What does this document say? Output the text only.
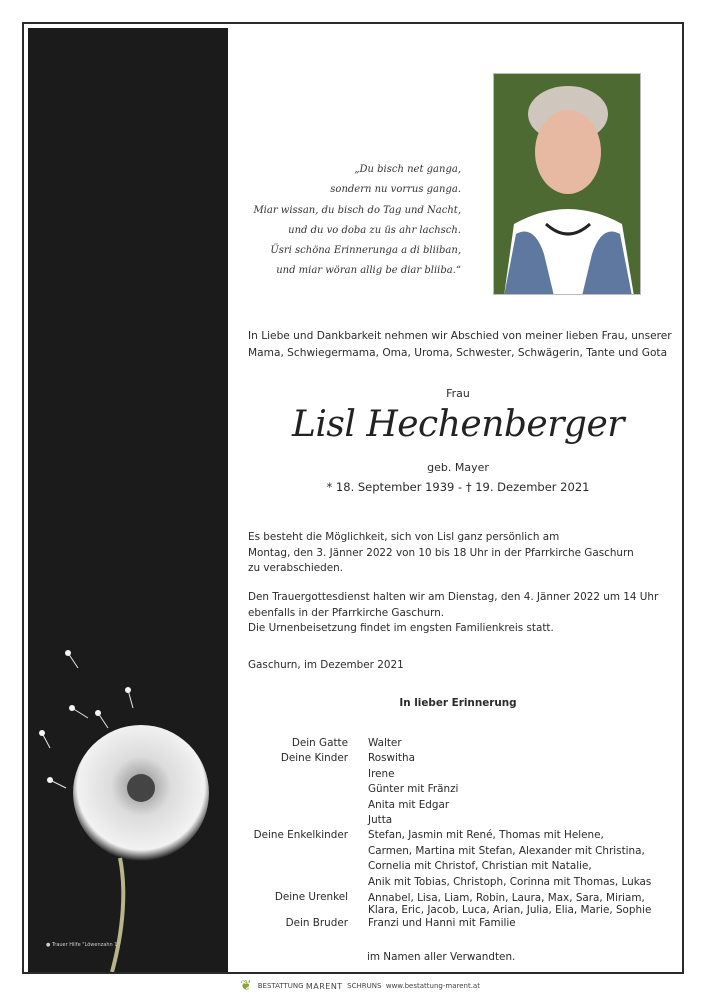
● Trauer Hilfe "Löwenzahn 1"
„Du bisch net ganga,
sondern nu vorrus ganga.
Miar wissan, du bisch do Tag und Nacht,
und du vo doba zu üs ahr lachsch.
Üsri schöna Erinnerunga a di bliiban,
und miar wöran allig be diar bliiba.“
In Liebe und Dankbarkeit nehmen wir Abschied von meiner lieben Frau, unserer
Mama, Schwiegermama, Oma, Uroma, Schwester, Schwägerin, Tante und Gota
Frau
Lisl Hechenberger
geb. Mayer
* 18. September 1939 - † 19. Dezember 2021
Es besteht die Möglichkeit, sich von Lisl ganz persönlich am
Montag, den 3. Jänner 2022 von 10 bis 18 Uhr in der Pfarrkirche Gaschurn
zu verabschieden.
Den Trauergottesdienst halten wir am Dienstag, den 4. Jänner 2022 um 14 Uhr
ebenfalls in der Pfarrkirche Gaschurn.
Die Urnenbeisetzung findet im engsten Familienkreis statt.
Gaschurn, im Dezember 2021
In lieber Erinnerung
Dein Gatte	Walter
Deine Kinder	Roswitha
Irene
Günter mit Fränzi
Anita mit Edgar
Jutta
Deine Enkelkinder	Stefan, Jasmin mit René, Thomas mit Helene,
Carmen, Martina mit Stefan, Alexander mit Christina,
Cornelia mit Christof, Christian mit Natalie,
Anik mit Tobias, Christoph, Corinna mit Thomas, Lukas
Deine Urenkel	Annabel, Lisa, Liam, Robin, Laura, Max, Sara, Miriam,
Klara, Eric, Jacob, Luca, Arian, Julia, Elia, Marie, Sophie
Dein Bruder	Franzi und Hanni mit Familie
im Namen aller Verwandten.
❦ BESTATTUNG
MARENT
SCHRUNS
www.bestattung-marent.at
